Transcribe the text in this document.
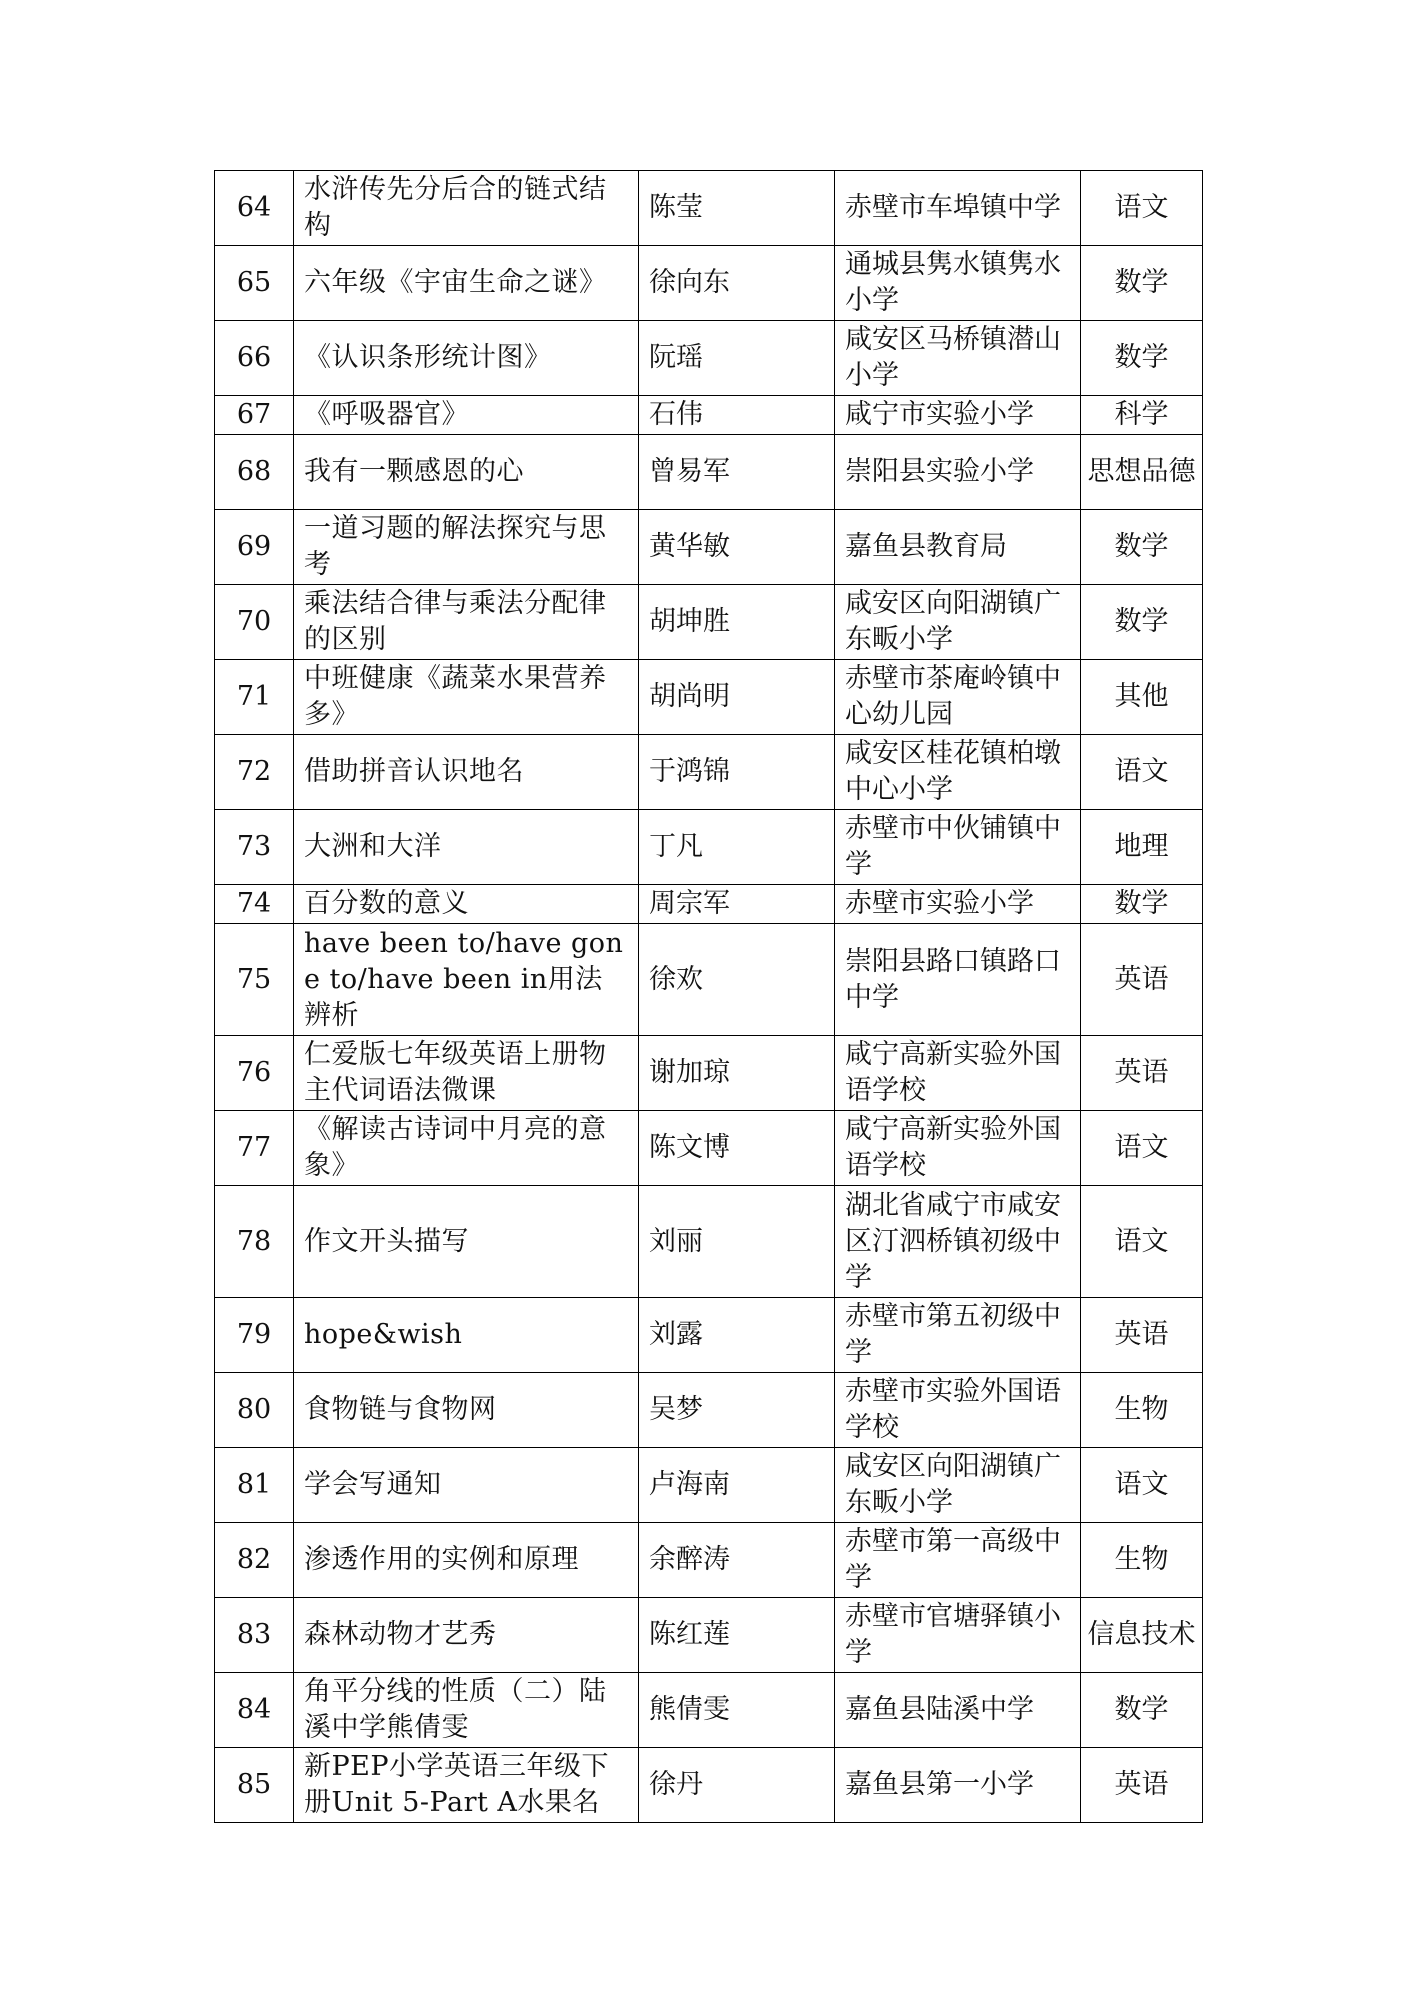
64	水浒传先分后合的链式结构	陈莹	赤壁市车埠镇中学	语文
65	六年级《宇宙生命之谜》	徐向东	通城县隽水镇隽水小学	数学
66	《认识条形统计图》	阮瑶	咸安区马桥镇潜山小学	数学
67	《呼吸器官》	石伟	咸宁市实验小学	科学
68	我有一颗感恩的心	曾易军	崇阳县实验小学	思想品德
69	一道习题的解法探究与思考	黄华敏	嘉鱼县教育局	数学
70	乘法结合律与乘法分配律的区别	胡坤胜	咸安区向阳湖镇广东畈小学	数学
71	中班健康《蔬菜水果营养多》	胡尚明	赤壁市茶庵岭镇中心幼儿园	其他
72	借助拼音认识地名	于鸿锦	咸安区桂花镇柏墩中心小学	语文
73	大洲和大洋	丁凡	赤壁市中伙铺镇中学	地理
74	百分数的意义	周宗军	赤壁市实验小学	数学
75	have been to/have gone to/have been in用法辨析	徐欢	崇阳县路口镇路口中学	英语
76	仁爱版七年级英语上册物主代词语法微课	谢加琼	咸宁高新实验外国语学校	英语
77	《解读古诗词中月亮的意象》	陈文博	咸宁高新实验外国语学校	语文
78	作文开头描写	刘丽	湖北省咸宁市咸安区汀泗桥镇初级中学	语文
79	hope&wish	刘露	赤壁市第五初级中学	英语
80	食物链与食物网	吴梦	赤壁市实验外国语学校	生物
81	学会写通知	卢海南	咸安区向阳湖镇广东畈小学	语文
82	渗透作用的实例和原理	余醉涛	赤壁市第一高级中学	生物
83	森林动物才艺秀	陈红莲	赤壁市官塘驿镇小学	信息技术
84	角平分线的性质（二）陆溪中学熊倩雯	熊倩雯	嘉鱼县陆溪中学	数学
85	新PEP小学英语三年级下册Unit 5-Part A水果名	徐丹	嘉鱼县第一小学	英语
